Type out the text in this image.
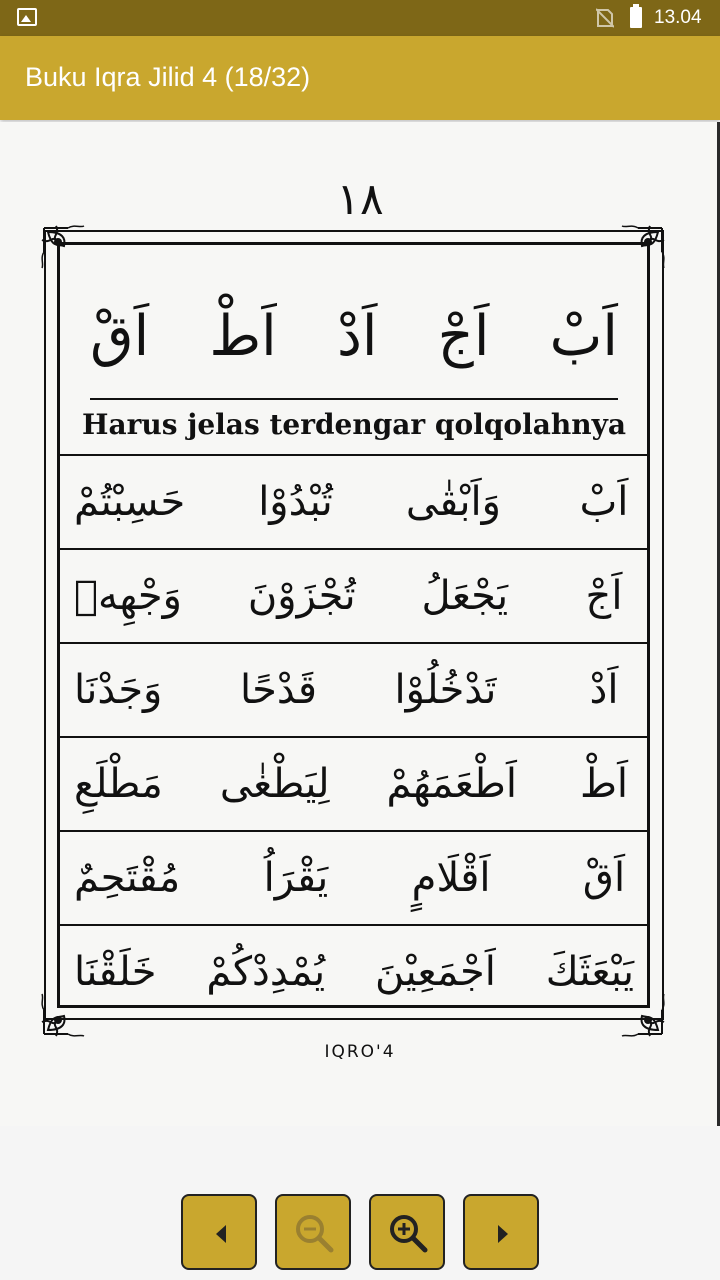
13.04
Buku Iqra Jilid 4 (18/32)
١٨
اَبْ
اَجْ
اَدْ
اَطْ
اَقْ
Harus jelas terdengar qolqolahnya
اَبْ
وَاَبْقٰى
تُبْدُوْا
حَسِبْتُمْ
اَجْ
يَجْعَلُ
تُجْزَوْنَ
وَجْهِهٖ
اَدْ
تَدْخُلُوْا
قَدْحًا
وَجَدْنَا
اَطْ
اَطْعَمَهُمْ
لِيَطْغٰى
مَطْلَعِ
اَقْ
اَقْلَامٍ
يَقْرَاُ
مُقْتَحِمٌ
يَبْعَثَكَ
اَجْمَعِيْنَ
يُمْدِدْكُمْ
خَلَقْنَا
IQRO'4
